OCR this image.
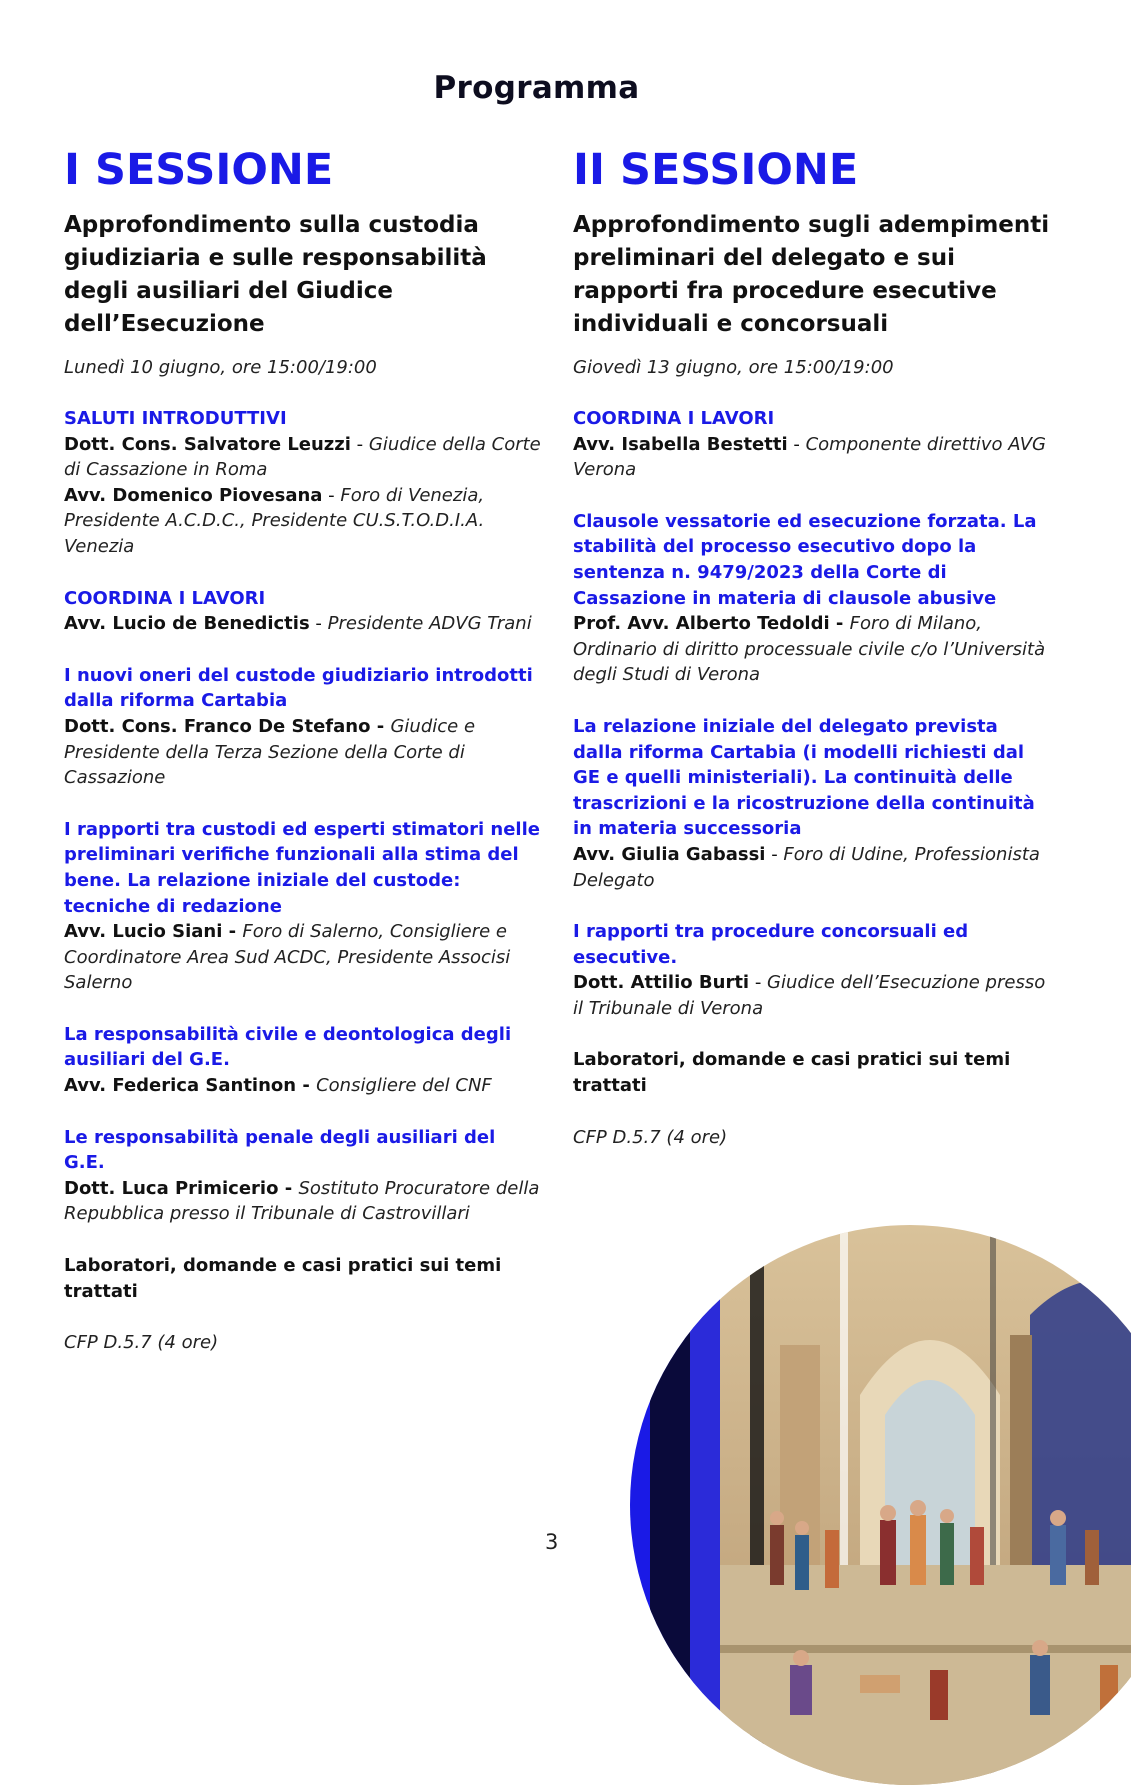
Programma
I SESSIONE
Approfondimento sulla custodia giudiziaria e sulle responsabilità degli ausiliari del Giudice dell’Esecuzione
Lunedì 10 giugno, ore 15:00/19:00
SALUTI INTRODUTTIVI
Dott. Cons. Salvatore Leuzzi - Giudice della Corte di Cassazione in Roma
Avv. Domenico Piovesana - Foro di Venezia, Presidente A.C.D.C., Presidente CU.S.T.O.D.I.A. Venezia
COORDINA I LAVORI
Avv. Lucio de Benedictis - Presidente ADVG Trani
I nuovi oneri del custode giudiziario introdotti dalla riforma Cartabia
Dott. Cons. Franco De Stefano - Giudice e Presidente della Terza Sezione della Corte di Cassazione
I rapporti tra custodi ed esperti stimatori nelle preliminari verifiche funzionali alla stima del bene. La relazione iniziale del custode: tecniche di redazione
Avv. Lucio Siani - Foro di Salerno, Consigliere e Coordinatore Area Sud ACDC, Presidente Associsi Salerno
La responsabilità civile e deontologica degli ausiliari del G.E.
Avv. Federica Santinon - Consigliere del CNF
Le responsabilità penale degli ausiliari del G.E.
Dott. Luca Primicerio - Sostituto Procuratore della Repubblica presso il Tribunale di Castrovillari
Laboratori, domande e casi pratici sui temi trattati
CFP D.5.7 (4 ore)
II SESSIONE
Approfondimento sugli adempimenti preliminari del delegato e sui rapporti fra procedure esecutive individuali e concorsuali
Giovedì 13 giugno, ore 15:00/19:00
COORDINA I LAVORI
Avv. Isabella Bestetti - Componente direttivo AVG Verona
Clausole vessatorie ed esecuzione forzata. La stabilità del processo esecutivo dopo la sentenza n. 9479/2023 della Corte di Cassazione in materia di clausole abusive
Prof. Avv. Alberto Tedoldi - Foro di Milano, Ordinario di diritto processuale civile c/o l’Università degli Studi di Verona
La relazione iniziale del delegato prevista dalla riforma Cartabia (i modelli richiesti dal GE e quelli ministeriali). La continuità delle trascrizioni e la ricostruzione della continuità in materia successoria
Avv. Giulia Gabassi - Foro di Udine, Professionista Delegato
I rapporti tra procedure concorsuali ed esecutive.
Dott. Attilio Burti - Giudice dell’Esecuzione presso il Tribunale di Verona
Laboratori, domande e casi pratici sui temi trattati
CFP D.5.7 (4 ore)
3
